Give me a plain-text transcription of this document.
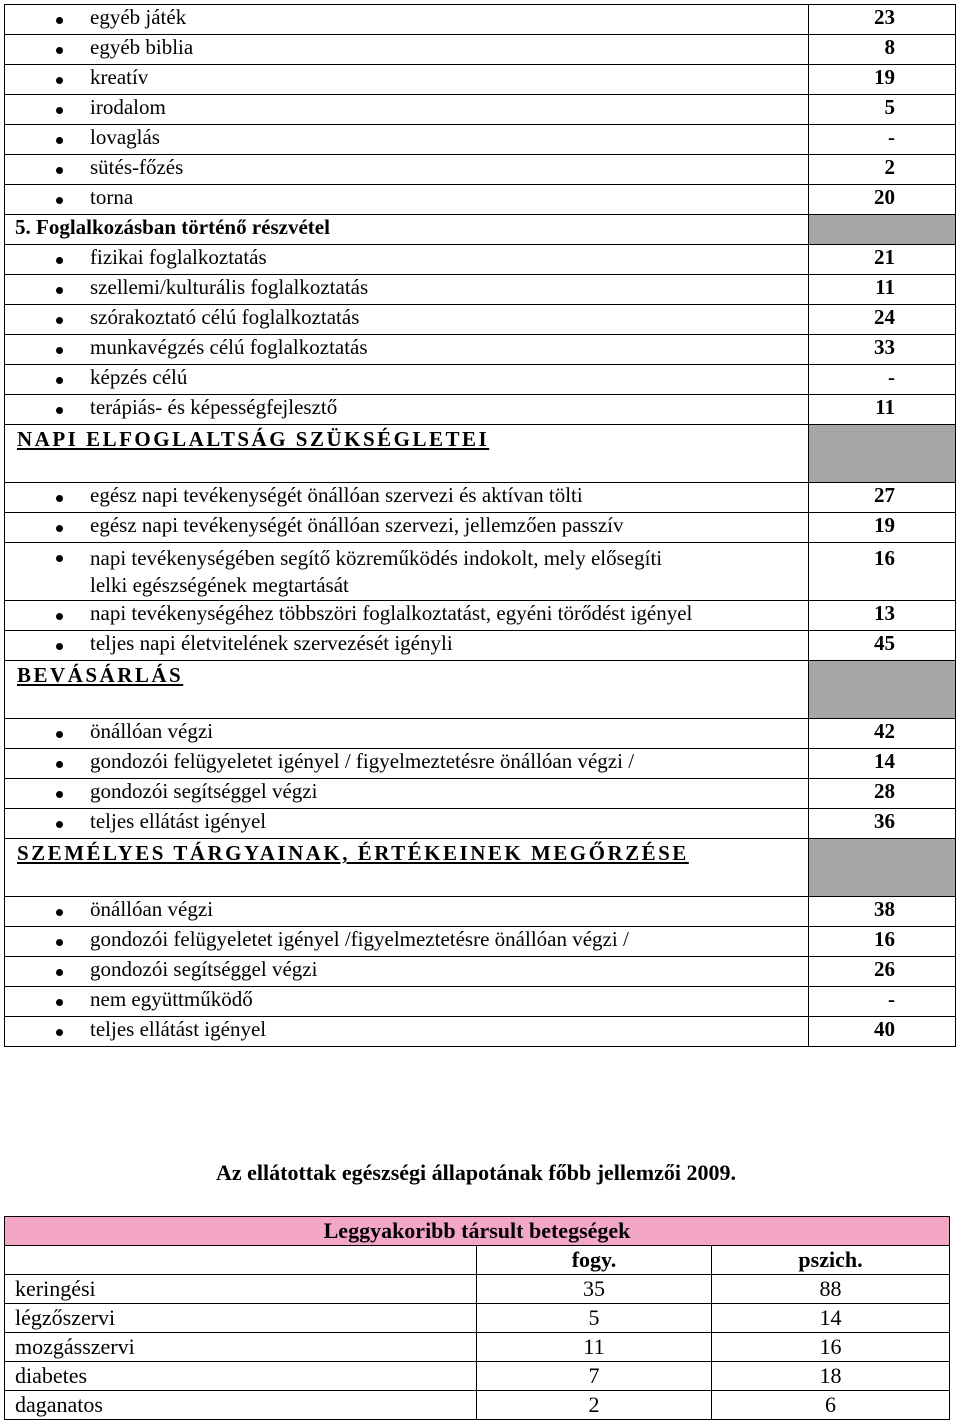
egyéb játék	23

egyéb biblia	8

kreatív	19

irodalom	5

lovaglás	-

sütés-főzés	2

torna	20
5. Foglalkozásban történő részvétel	

fizikai foglalkoztatás	21

szellemi/kulturális foglalkoztatás	11

szórakoztató célú foglalkoztatás	24

munkavégzés célú foglalkoztatás	33

képzés célú	-

terápiás- és képességfejlesztő	11
NAPI ELFOGLALTSÁG SZÜKSÉGLETEI	

egész napi tevékenységét önállóan szervezi és aktívan tölti	27

egész napi tevékenységét önállóan szervezi, jellemzően passzív	19

napi tevékenységében segítő közreműködés indokolt, mely elősegíti
lelki egészségének megtartását	16

napi tevékenységéhez többszöri foglalkoztatást, egyéni törődést igényel	13

teljes napi életvitelének szervezését igényli	45
BEVÁSÁRLÁS	

önállóan végzi	42

gondozói felügyeletet igényel / figyelmeztetésre önállóan végzi /	14

gondozói segítséggel végzi	28

teljes ellátást igényel	36
SZEMÉLYES TÁRGYAINAK, ÉRTÉKEINEK MEGŐRZÉSE	

önállóan végzi	38

gondozói felügyeletet igényel /figyelmeztetésre önállóan végzi /	16

gondozói segítséggel végzi	26

nem együttműködő	-

teljes ellátást igényel	40
Az ellátottak egészségi állapotának főbb jellemzői 2009.
Leggyakoribb társult betegségek		
	fogy.	pszich.
keringési	35	88
légzőszervi	5	14
mozgásszervi	11	16
diabetes	7	18
daganatos	2	6
